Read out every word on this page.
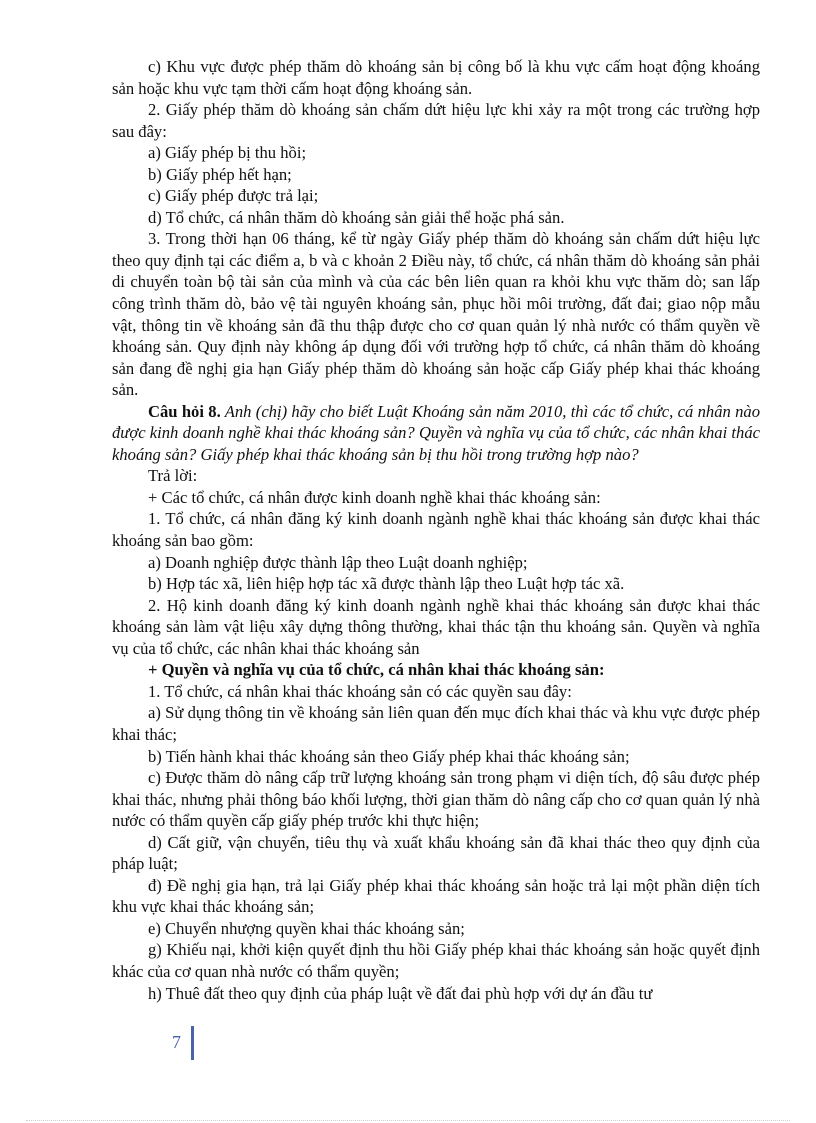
c) Khu vực được phép thăm dò khoáng sản bị công bố là khu vực cấm hoạt động khoáng sản hoặc khu vực tạm thời cấm hoạt động khoáng sản.

2. Giấy phép thăm dò khoáng sản chấm dứt hiệu lực khi xảy ra một trong các trường hợp sau đây:

a) Giấy phép bị thu hồi;

b) Giấy phép hết hạn;

c) Giấy phép được trả lại;

d) Tổ chức, cá nhân thăm dò khoáng sản giải thể hoặc phá sản.

3. Trong thời hạn 06 tháng, kể từ ngày Giấy phép thăm dò khoáng sản chấm dứt hiệu lực theo quy định tại các điểm a, b và c khoản 2 Điều này, tổ chức, cá nhân thăm dò khoáng sản phải di chuyển toàn bộ tài sản của mình và của các bên liên quan ra khỏi khu vực thăm dò; san lấp công trình thăm dò, bảo vệ tài nguyên khoáng sản, phục hồi môi trường, đất đai; giao nộp mẫu vật, thông tin về khoáng sản đã thu thập được cho cơ quan quản lý nhà nước có thẩm quyền về khoáng sản. Quy định này không áp dụng đối với trường hợp tổ chức, cá nhân thăm dò khoáng sản đang đề nghị gia hạn Giấy phép thăm dò khoáng sản hoặc cấp Giấy phép khai thác khoáng sản.

Câu hỏi 8. Anh (chị) hãy cho biết Luật Khoáng sản năm 2010, thì các tổ chức, cá nhân nào được kinh doanh nghề khai thác khoáng sản? Quyền và nghĩa vụ của tổ chức, các nhân khai thác khoáng sản? Giấy phép khai thác khoáng sản bị thu hồi trong trường hợp nào?

Trả lời:

+ Các tổ chức, cá nhân được kinh doanh nghề khai thác khoáng sản:

1. Tổ chức, cá nhân đăng ký kinh doanh ngành nghề khai thác khoáng sản được khai thác khoáng sản bao gồm:

a) Doanh nghiệp được thành lập theo Luật doanh nghiệp;

b) Hợp tác xã, liên hiệp hợp tác xã được thành lập theo Luật hợp tác xã.

2. Hộ kinh doanh đăng ký kinh doanh ngành nghề khai thác khoáng sản được khai thác khoáng sản làm vật liệu xây dựng thông thường, khai thác tận thu khoáng sản. Quyền và nghĩa vụ của tổ chức, các nhân khai thác khoáng sản

+ Quyền và nghĩa vụ của tổ chức, cá nhân khai thác khoáng sản:

1. Tổ chức, cá nhân khai thác khoáng sản có các quyền sau đây:

a) Sử dụng thông tin về khoáng sản liên quan đến mục đích khai thác và khu vực được phép khai thác;

b) Tiến hành khai thác khoáng sản theo Giấy phép khai thác khoáng sản;

c) Được thăm dò nâng cấp trữ lượng khoáng sản trong phạm vi diện tích, độ sâu được phép khai thác, nhưng phải thông báo khối lượng, thời gian thăm dò nâng cấp cho cơ quan quản lý nhà nước có thẩm quyền cấp giấy phép trước khi thực hiện;

d) Cất giữ, vận chuyển, tiêu thụ và xuất khẩu khoáng sản đã khai thác theo quy định của pháp luật;

đ) Đề nghị gia hạn, trả lại Giấy phép khai thác khoáng sản hoặc trả lại một phần diện tích khu vực khai thác khoáng sản;

e) Chuyển nhượng quyền khai thác khoáng sản;

g) Khiếu nại, khởi kiện quyết định thu hồi Giấy phép khai thác khoáng sản hoặc quyết định khác của cơ quan nhà nước có thẩm quyền;

h) Thuê đất theo quy định của pháp luật về đất đai phù hợp với dự án đầu tư

7
